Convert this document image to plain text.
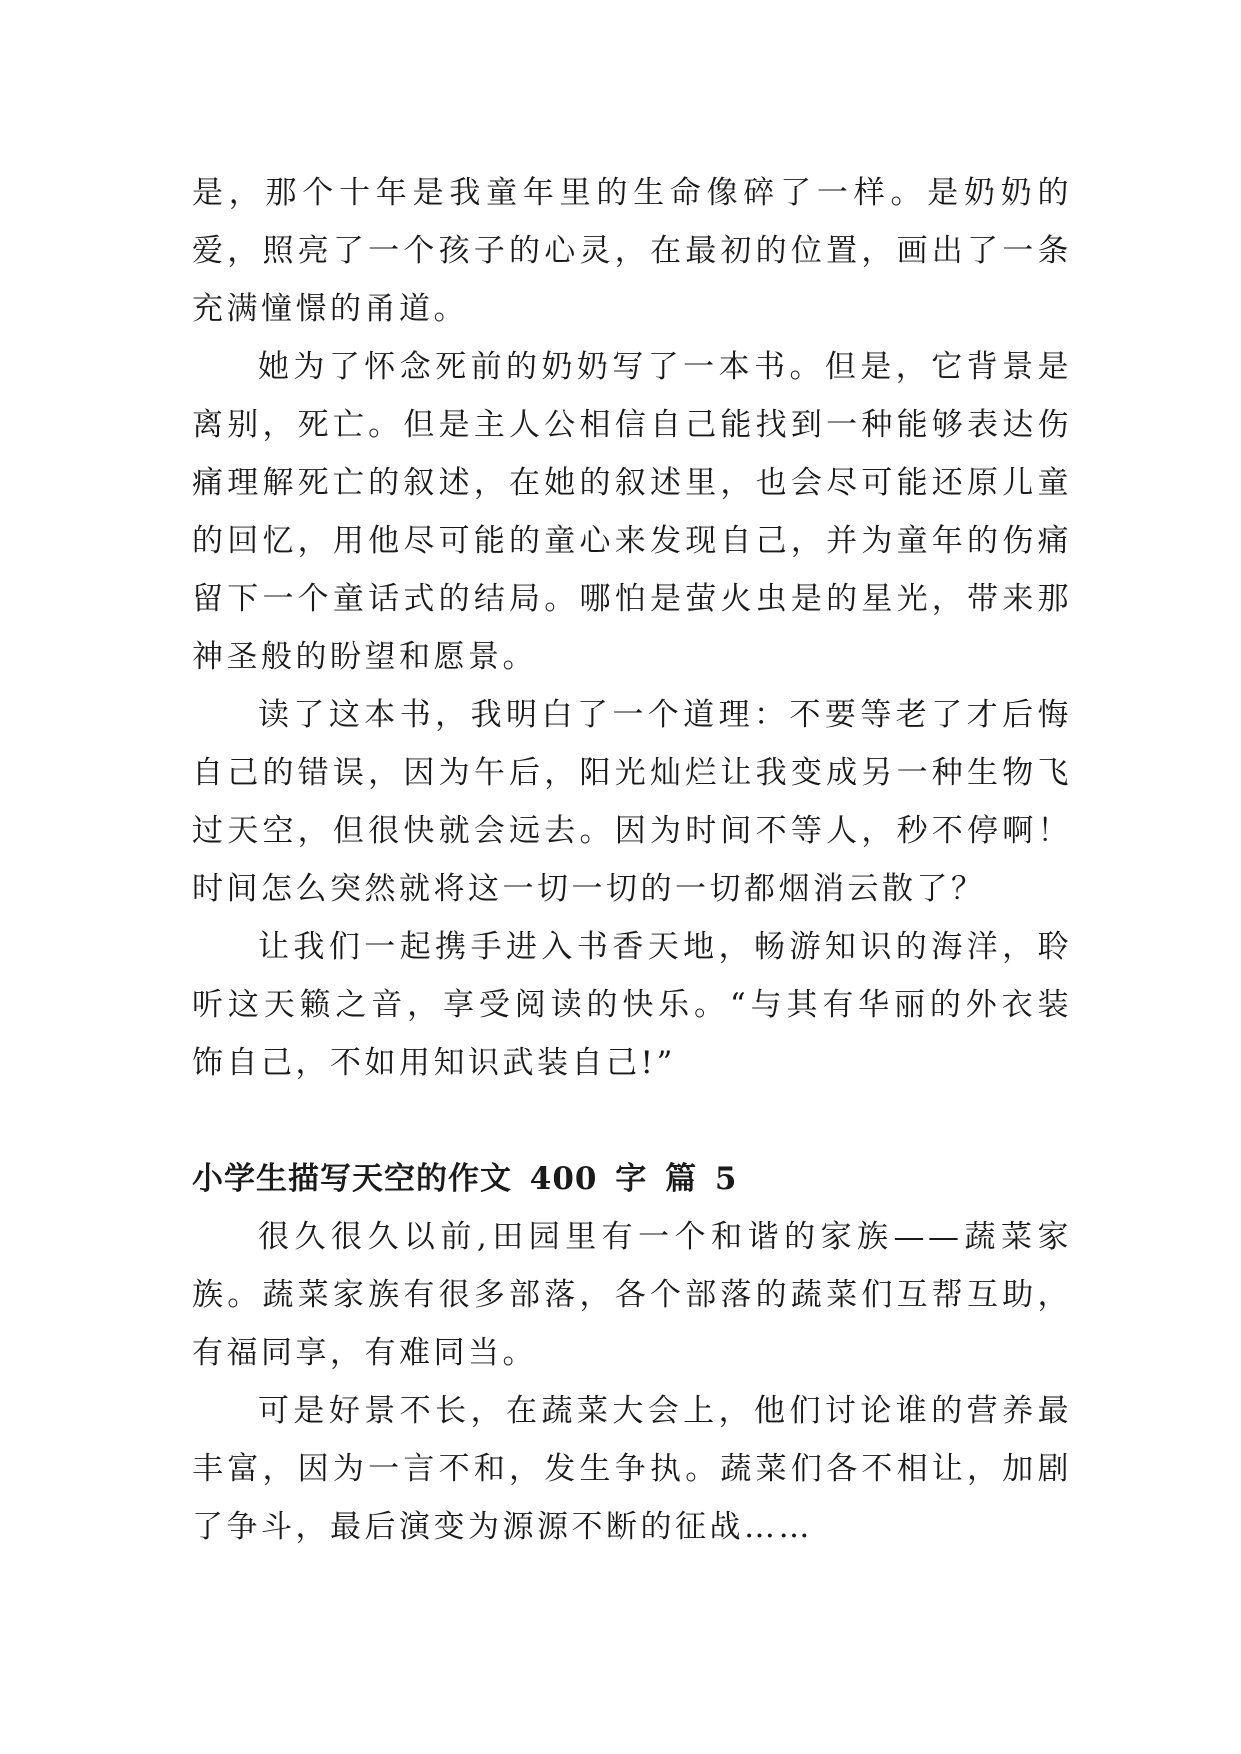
是，那个十年是我童年里的生命像碎了一样。是奶奶的爱，照亮了一个孩子的心灵，在最初的位置，画出了一条充满憧憬的甬道。

她为了怀念死前的奶奶写了一本书。但是，它背景是离别，死亡。但是主人公相信自己能找到一种能够表达伤痛理解死亡的叙述，在她的叙述里，也会尽可能还原儿童的回忆，用他尽可能的童心来发现自己，并为童年的伤痛留下一个童话式的结局。哪怕是萤火虫是的星光，带来那神圣般的盼望和愿景。

读了这本书，我明白了一个道理：不要等老了才后悔自己的错误，因为午后，阳光灿烂让我变成另一种生物飞过天空，但很快就会远去。因为时间不等人，秒不停啊！时间怎么突然就将这一切一切的一切都烟消云散了？

让我们一起携手进入书香天地，畅游知识的海洋，聆听这天籁之音，享受阅读的快乐。“与其有华丽的外衣装饰自己，不如用知识武装自己!”

小学生描写天空的作文 400 字 篇 5

很久很久以前,田园里有一个和谐的家族——蔬菜家族。蔬菜家族有很多部落，各个部落的蔬菜们互帮互助，有福同享，有难同当。

可是好景不长，在蔬菜大会上，他们讨论谁的营养最丰富，因为一言不和，发生争执。蔬菜们各不相让，加剧了争斗，最后演变为源源不断的征战……
